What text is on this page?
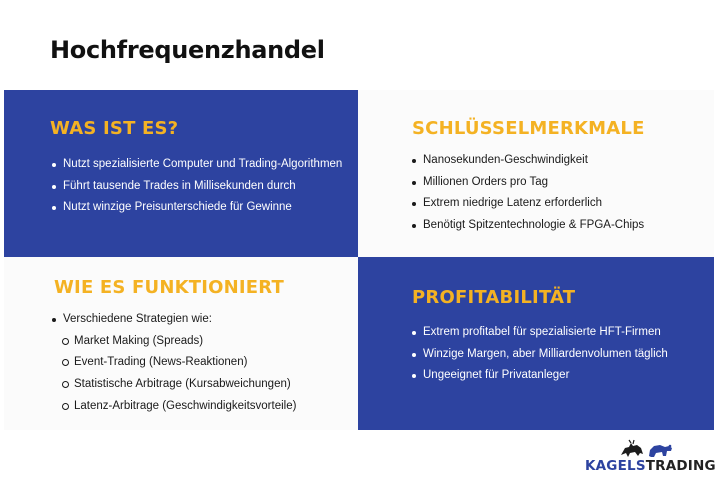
Hochfrequenzhandel
WAS IST ES?
Nutzt spezialisierte Computer und Trading-Algorithmen
Führt tausende Trades in Millisekunden durch
Nutzt winzige Preisunterschiede für Gewinne
SCHLÜSSELMERKMALE
Nanosekunden-Geschwindigkeit
Millionen Orders pro Tag
Extrem niedrige Latenz erforderlich
Benötigt Spitzentechnologie & FPGA-Chips
WIE ES FUNKTIONIERT
Verschiedene Strategien wie:
Market Making (Spreads)
Event-Trading (News-Reaktionen)
Statistische Arbitrage (Kursabweichungen)
Latenz-Arbitrage (Geschwindigkeitsvorteile)
PROFITABILITÄT
Extrem profitabel für spezialisierte HFT-Firmen
Winzige Margen, aber Milliardenvolumen täglich
Ungeeignet für Privatanleger
KAGELSTRADING
